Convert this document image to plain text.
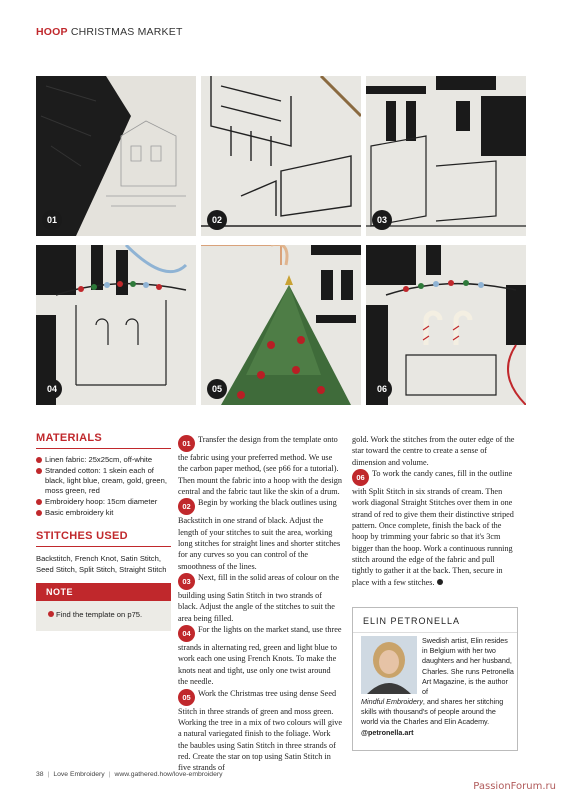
HOOP CHRISTMAS MARKET
01	02	03
04	05	06
MATERIALS
Linen fabric: 25x25cm, off-white
Stranded cotton: 1 skein each of black, light blue, cream, gold, green, moss green, red
Embroidery hoop: 15cm diameter
Basic embroidery kit
STITCHES USED

Backstitch, French Knot, Satin Stitch, Seed Stitch, Split Stitch, Straight Stitch

NOTE
Find the template on p75.

01 Transfer the design from the template onto the fabric using your preferred method. We use the carbon paper method, (see p66 for a tutorial). Then mount the fabric into a hoop with the design central and the fabric taut like the skin of a drum.

02 Begin by working the black outlines using Backstitch in one strand of black. Adjust the length of your stitches to suit the area, working long stitches for straight lines and shorter stitches for any curves so you can control of the smoothness of the lines.

03 Next, fill in the solid areas of colour on the building using Satin Stitch in two strands of black. Adjust the angle of the stitches to suit the area being filled.

04 For the lights on the market stand, use three strands in alternating red, green and light blue to work each one using French Knots. To make the knots neat and tight, use only one twist around the needle.

05 Work the Christmas tree using dense Seed Stitch in three strands of green and moss green. Working the tree in a mix of two colours will give a natural variegated finish to the foliage. Work the baubles using Satin Stitch in three strands of red. Create the star on top using Satin Stitch in five strands of

gold. Work the stitches from the outer edge of the star toward the centre to create a sense of dimension and volume.

06 To work the candy canes, fill in the outline with Split Stitch in six strands of cream. Then work diagonal Straight Stitches over them in one strand of red to give them their distinctive striped pattern. Once complete, finish the back of the hoop by trimming your fabric so that it's 3cm bigger than the hoop. Work a continuous running stitch around the edge of the fabric and pull tightly to gather it at the back. Then, secure in place with a few stitches.

ELIN PETRONELLA
Swedish artist, Elin resides in Belgium with her two daughters and her husband, Charles. She runs Petronella Art Magazine, is the author of
Mindful Embroidery, and shares her stitching skills with thousand's of people around the world via the Charles and Elin Academy.
@petronella.art
38 | Love Embroidery | www.gathered.how/love-embroidery
PassionForum.ru
